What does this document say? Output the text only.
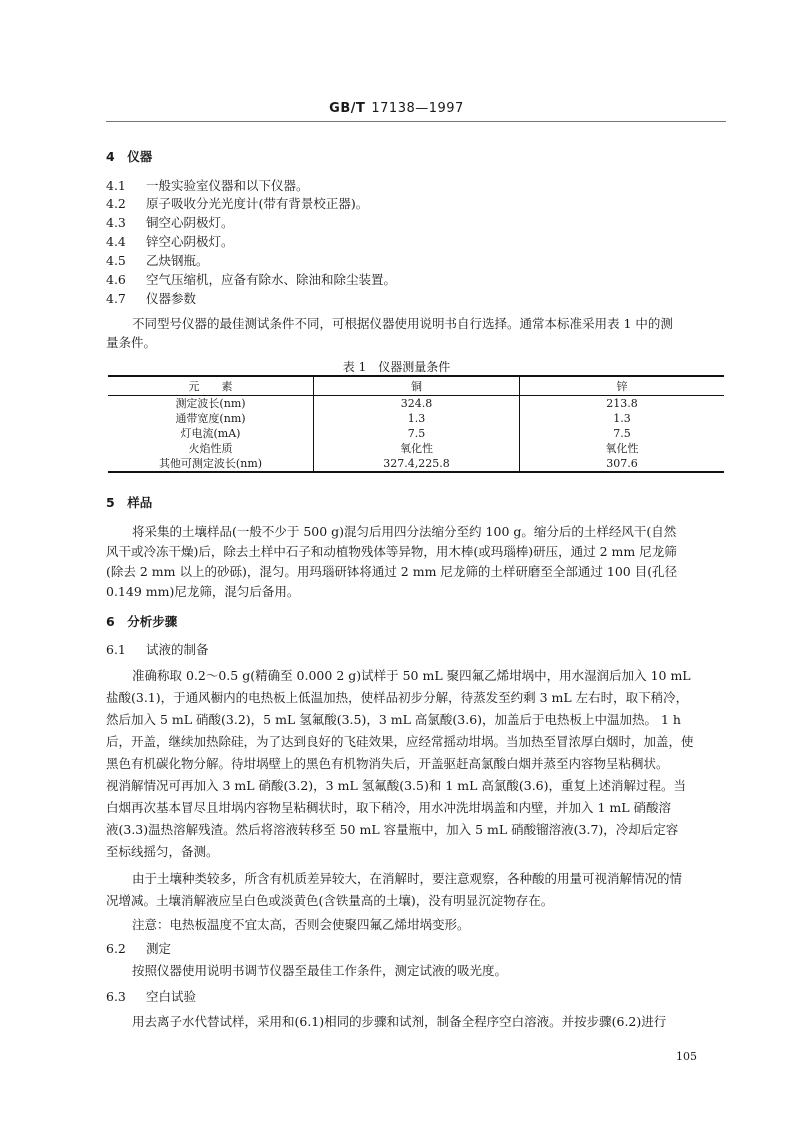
GB/T 17138—1997
4　仪器
4.1 一般实验室仪器和以下仪器。
4.2 原子吸收分光光度计(带有背景校正器)。
4.3 铜空心阴极灯。
4.4 锌空心阴极灯。
4.5 乙炔钢瓶。
4.6 空气压缩机，应备有除水、除油和除尘装置。
4.7 仪器参数
不同型号仪器的最佳测试条件不同，可根据仪器使用说明书自行选择。通常本标准采用表 1 中的测
量条件。
表 1　仪器测量条件
元　　素	铜	锌
测定波长(nm)	324.8	213.8
通带宽度(nm)	1.3	1.3
灯电流(mA)	7.5	7.5
火焰性质	氧化性	氧化性
其他可测定波长(nm)	327.4,225.8	307.6
5　样品
将采集的土壤样品(一般不少于 500 g)混匀后用四分法缩分至约 100 g。缩分后的土样经风干(自然
风干或冷冻干燥)后，除去土样中石子和动植物残体等异物，用木棒(或玛瑙棒)研压，通过 2 mm 尼龙筛
(除去 2 mm 以上的砂砾)，混匀。用玛瑙研钵将通过 2 mm 尼龙筛的土样研磨至全部通过 100 目(孔径
0.149 mm)尼龙筛，混匀后备用。
6　分析步骤
6.1 试液的制备
准确称取 0.2～0.5 g(精确至 0.000 2 g)试样于 50 mL 聚四氟乙烯坩埚中，用水湿润后加入 10 mL
盐酸(3.1)，于通风橱内的电热板上低温加热，使样品初步分解，待蒸发至约剩 3 mL 左右时，取下稍冷，
然后加入 5 mL 硝酸(3.2)，5 mL 氢氟酸(3.5)，3 mL 高氯酸(3.6)，加盖后于电热板上中温加热。 1 h
后，开盖，继续加热除硅，为了达到良好的飞硅效果，应经常摇动坩埚。当加热至冒浓厚白烟时，加盖，使
黑色有机碳化物分解。待坩埚壁上的黑色有机物消失后，开盖驱赶高氯酸白烟并蒸至内容物呈粘稠状。
视消解情况可再加入 3 mL 硝酸(3.2)，3 mL 氢氟酸(3.5)和 1 mL 高氯酸(3.6)，重复上述消解过程。当
白烟再次基本冒尽且坩埚内容物呈粘稠状时，取下稍冷，用水冲洗坩埚盖和内壁，并加入 1 mL 硝酸溶
液(3.3)温热溶解残渣。然后将溶液转移至 50 mL 容量瓶中，加入 5 mL 硝酸镏溶液(3.7)，冷却后定容
至标线摇匀，备测。
由于土壤种类较多，所含有机质差异较大，在消解时，要注意观察，各种酸的用量可视消解情况的情
况增减。土壤消解液应呈白色或淡黄色(含铁量高的土壤)，没有明显沉淀物存在。
注意：电热板温度不宜太高，否则会使聚四氟乙烯坩埚变形。
6.2 测定
按照仪器使用说明书调节仪器至最佳工作条件，测定试液的吸光度。
6.3 空白试验
用去离子水代替试样，采用和(6.1)相同的步骤和试剂，制备全程序空白溶液。并按步骤(6.2)进行
105
